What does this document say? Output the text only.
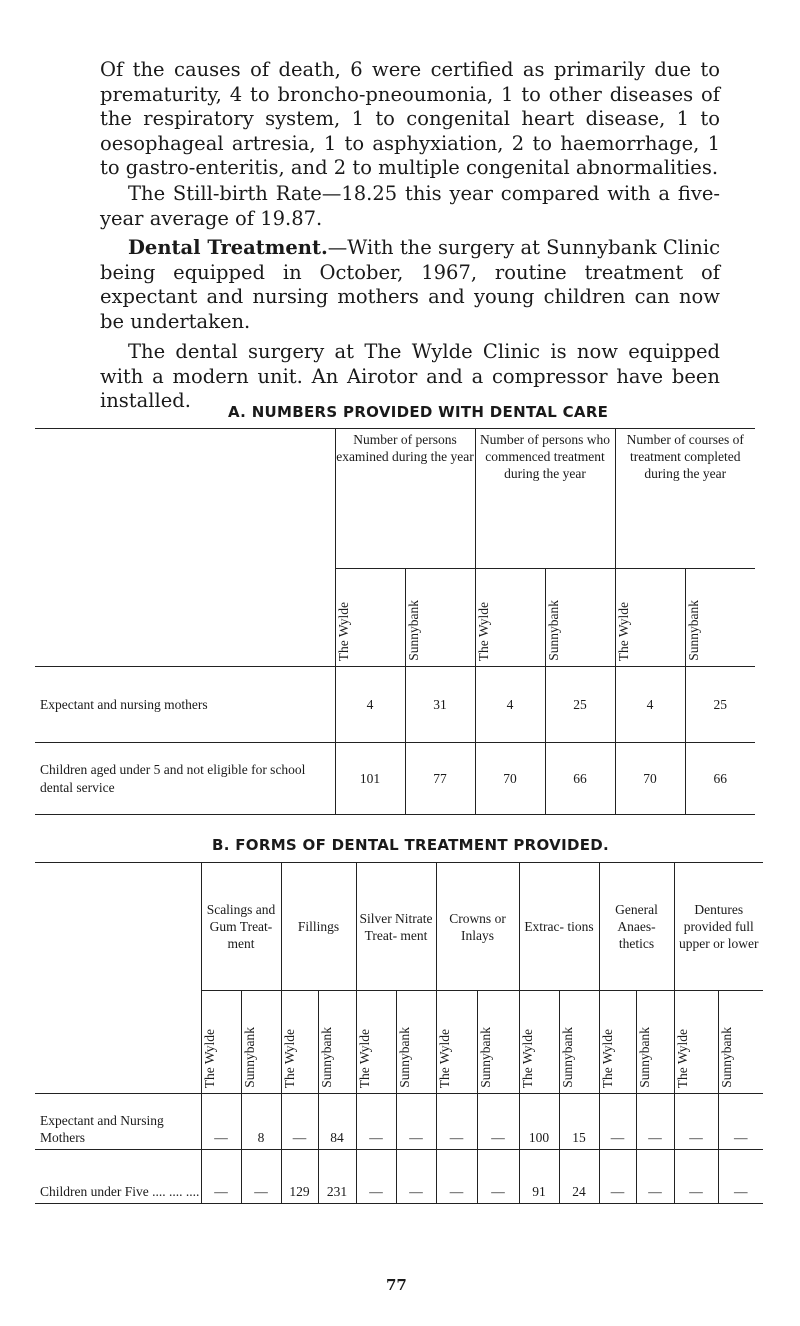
Of the causes of death, 6 were certified as primarily due to prematurity, 4 to broncho-pneoumonia, 1 to other diseases of the respiratory system, 1 to congenital heart disease, 1 to oesophageal artresia, 1 to asphyxiation, 2 to haemorrhage, 1 to gastro-enteritis, and 2 to multiple congenital abnormalities.

The Still-birth Rate—18.25 this year compared with a five-year average of 19.87.

Dental Treatment.—With the surgery at Sunnybank Clinic being equipped in October, 1967, routine treatment of expectant and nursing mothers and young children can now be undertaken.

The dental surgery at The Wylde Clinic is now equipped with a modern unit. An Airotor and a compressor have been installed.	A. NUMBERS PROVIDED WITH DENTAL CARE
	Number of persons examined during the year		Number of persons who commenced treatment during the year		Number of courses of treatment completed during the year	
	The Wylde	Sunnybank	The Wylde	Sunnybank	The Wylde	Sunnybank
Expectant and nursing mothers	4	31	4	25	4	25
Children aged under 5 and not eligible for school dental service	101	77	70	66	70	66
B. FORMS OF DENTAL TREATMENT PROVIDED.
	Scalings and Gum Treat- ment		Fillings		Silver Nitrate Treat- ment		Crowns or Inlays		Extrac- tions		General Anaes- thetics		Dentures provided full upper or lower	
	The Wylde	Sunnybank	The Wylde	Sunnybank	The Wylde	Sunnybank	The Wylde	Sunnybank	The Wylde	Sunnybank	The Wylde	Sunnybank	The Wylde	Sunnybank
Expectant and Nursing Mothers	—	8	—	84	—	—	—	—	100	15	—	—	—	—
Children under Five .... .... ....	—	—	129	231	—	—	—	—	91	24	—	—	—	—
77
